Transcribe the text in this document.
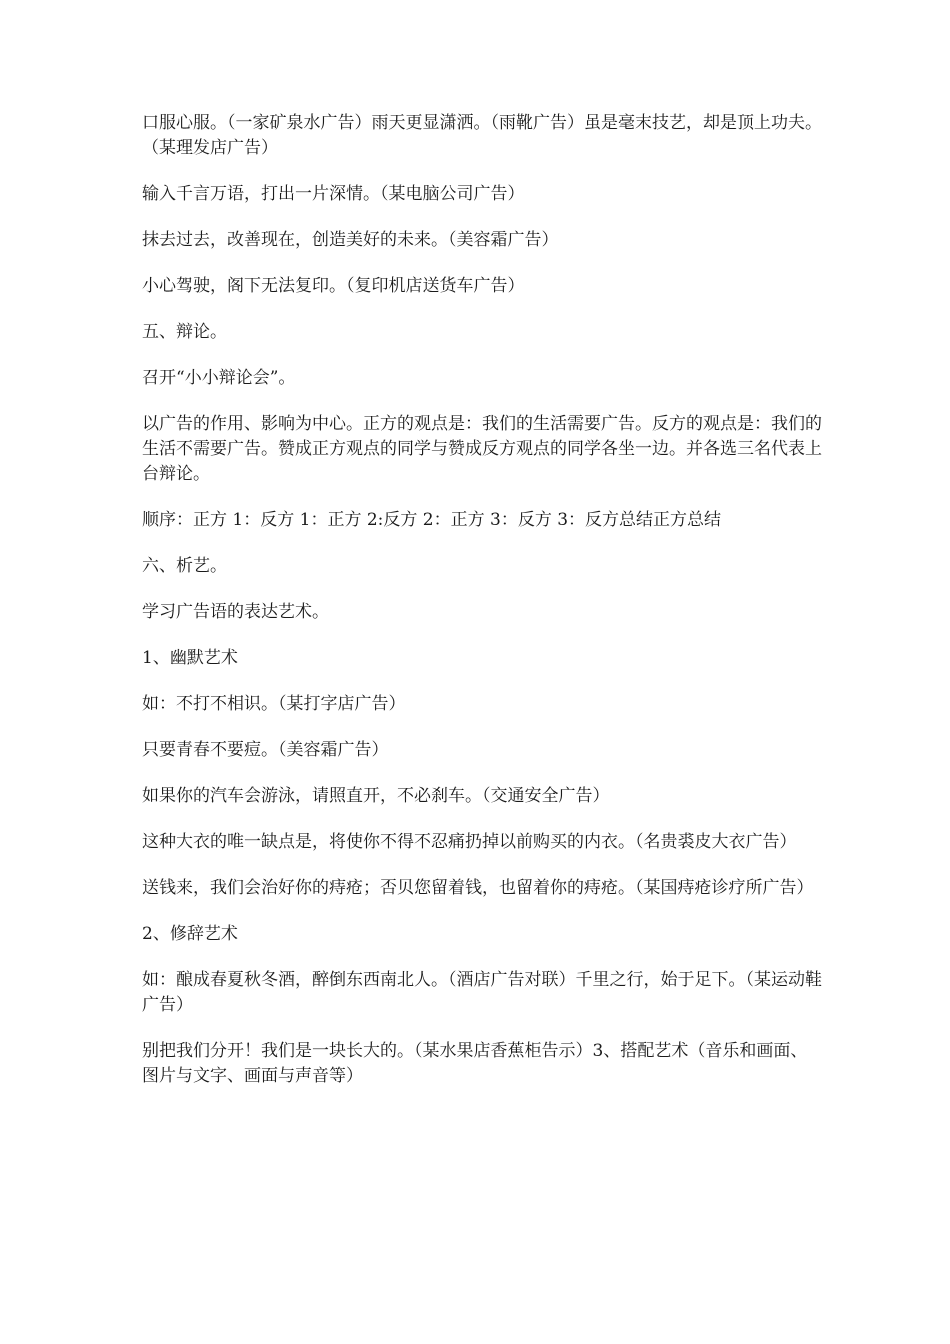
口服心服。（一家矿泉水广告）雨天更显潇洒。（雨靴广告）虽是毫末技艺，却是顶上功夫。（某理发店广告）

输入千言万语，打出一片深情。（某电脑公司广告）

抹去过去，改善现在，创造美好的未来。（美容霜广告）

小心驾驶，阁下无法复印。（复印机店送货车广告）

五、辩论。

召开“小小辩论会”。

以广告的作用、影响为中心。正方的观点是：我们的生活需要广告。反方的观点是：我们的生活不需要广告。赞成正方观点的同学与赞成反方观点的同学各坐一边。并各选三名代表上台辩论。

顺序：正方 1：反方 1：正方 2:反方 2：正方 3：反方 3：反方总结正方总结

六、析艺。

学习广告语的表达艺术。

1、幽默艺术

如：不打不相识。（某打字店广告）

只要青春不要痘。（美容霜广告）

如果你的汽车会游泳，请照直开，不必刹车。（交通安全广告）

这种大衣的唯一缺点是，将使你不得不忍痛扔掉以前购买的内衣。（名贵裘皮大衣广告）

送钱来，我们会治好你的痔疮；否贝您留着钱，也留着你的痔疮。（某国痔疮诊疗所广告）

2、修辞艺术

如：酿成春夏秋冬酒，醉倒东西南北人。（酒店广告对联）千里之行，始于足下。（某运动鞋广告）

别把我们分开！我们是一块长大的。（某水果店香蕉柜告示）3、搭配艺术（音乐和画面、图片与文字、画面与声音等）
